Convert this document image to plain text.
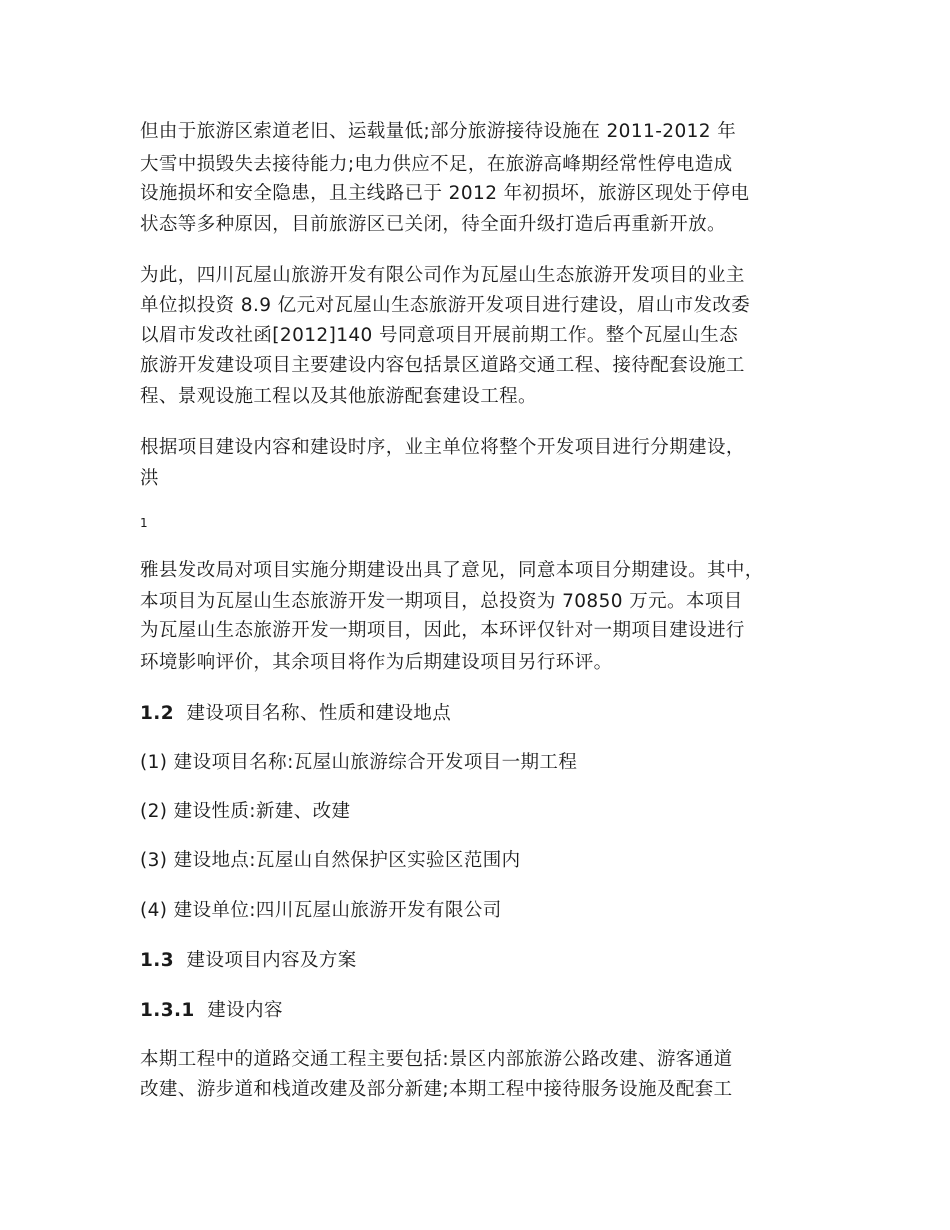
但由于旅游区索道老旧、运载量低;部分旅游接待设施在 2011-2012 年
大雪中损毁失去接待能力;电力供应不足，在旅游高峰期经常性停电造成
设施损坏和安全隐患，且主线路已于 2012 年初损坏，旅游区现处于停电
状态等多种原因，目前旅游区已关闭，待全面升级打造后再重新开放。
为此，四川瓦屋山旅游开发有限公司作为瓦屋山生态旅游开发项目的业主
单位拟投资 8.9 亿元对瓦屋山生态旅游开发项目进行建设，眉山市发改委
以眉市发改社函[2012]140 号同意项目开展前期工作。整个瓦屋山生态
旅游开发建设项目主要建设内容包括景区道路交通工程、接待配套设施工
程、景观设施工程以及其他旅游配套建设工程。
根据项目建设内容和建设时序，业主单位将整个开发项目进行分期建设，
洪
1
雅县发改局对项目实施分期建设出具了意见，同意本项目分期建设。其中，
本项目为瓦屋山生态旅游开发一期项目，总投资为 70850 万元。本项目
为瓦屋山生态旅游开发一期项目，因此，本环评仅针对一期项目建设进行
环境影响评价，其余项目将作为后期建设项目另行环评。
1.2 建设项目名称、性质和建设地点
(1) 建设项目名称:瓦屋山旅游综合开发项目一期工程
(2) 建设性质:新建、改建
(3) 建设地点:瓦屋山自然保护区实验区范围内
(4) 建设单位:四川瓦屋山旅游开发有限公司
1.3 建设项目内容及方案
1.3.1 建设内容
本期工程中的道路交通工程主要包括:景区内部旅游公路改建、游客通道
改建、游步道和栈道改建及部分新建;本期工程中接待服务设施及配套工
